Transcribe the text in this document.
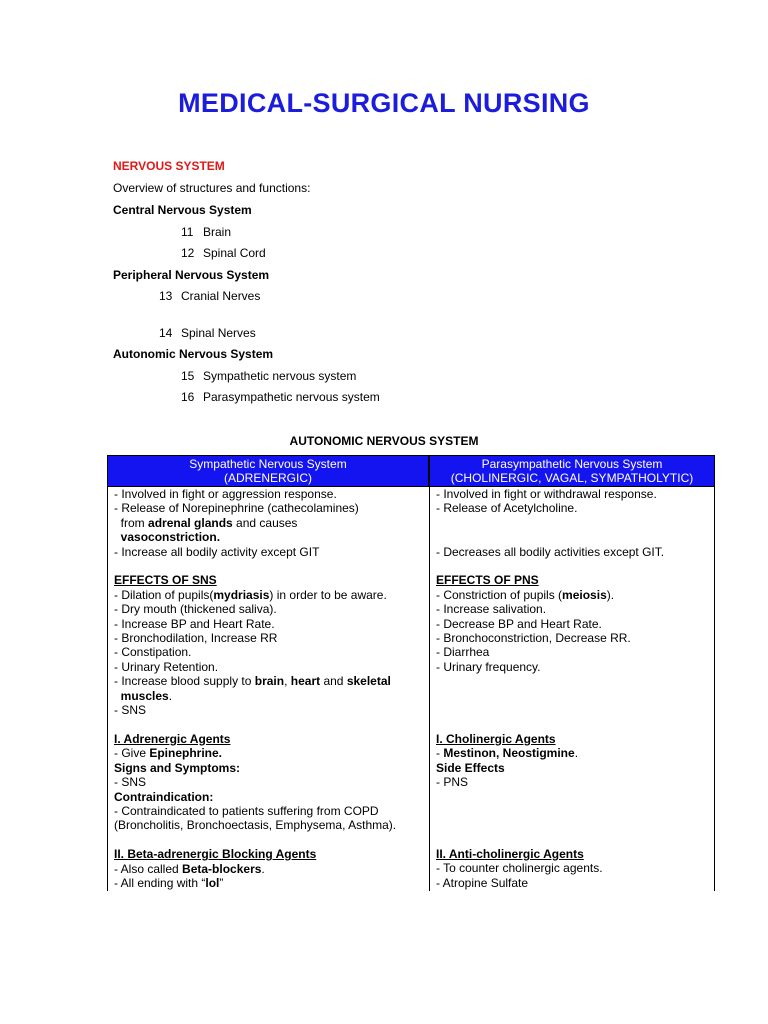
MEDICAL-SURGICAL NURSING
NERVOUS SYSTEM
Overview of structures and functions:
Central Nervous System
11 Brain
12 Spinal Cord
Peripheral Nervous System
13 Cranial Nerves
14 Spinal Nerves
Autonomic Nervous System
15 Sympathetic nervous system
16 Parasympathetic nervous system
AUTONOMIC NERVOUS SYSTEM
Sympathetic Nervous System
(ADRENERGIC)
Parasympathetic Nervous System
(CHOLINERGIC, VAGAL, SYMPATHOLYTIC)

- Involved in fight or aggression response.

- Release of Norepinephrine (cathecolamines)

from adrenal glands and causes

vasoconstriction.

- Increase all bodily activity except GIT

EFFECTS OF SNS

- Dilation of pupils(mydriasis) in order to be aware.

- Dry mouth (thickened saliva).

- Increase BP and Heart Rate.

- Bronchodilation, Increase RR

- Constipation.

- Urinary Retention.

- Increase blood supply to brain, heart and skeletal

muscles.

- SNS

I. Adrenergic Agents

- Give Epinephrine.

Signs and Symptoms:

- SNS

Contraindication:

- Contraindicated to patients suffering from COPD

(Broncholitis, Bronchoectasis, Emphysema, Asthma).

II. Beta-adrenergic Blocking Agents

- Also called Beta-blockers.

- All ending with “lol”

- Involved in fight or withdrawal response.

- Release of Acetylcholine.

- Decreases all bodily activities except GIT.

EFFECTS OF PNS

- Constriction of pupils (meiosis).

- Increase salivation.

- Decrease BP and Heart Rate.

- Bronchoconstriction, Decrease RR.

- Diarrhea

- Urinary frequency.

I. Cholinergic Agents

- Mestinon, Neostigmine.

Side Effects

- PNS

II. Anti-cholinergic Agents

- To counter cholinergic agents.

- Atropine Sulfate
